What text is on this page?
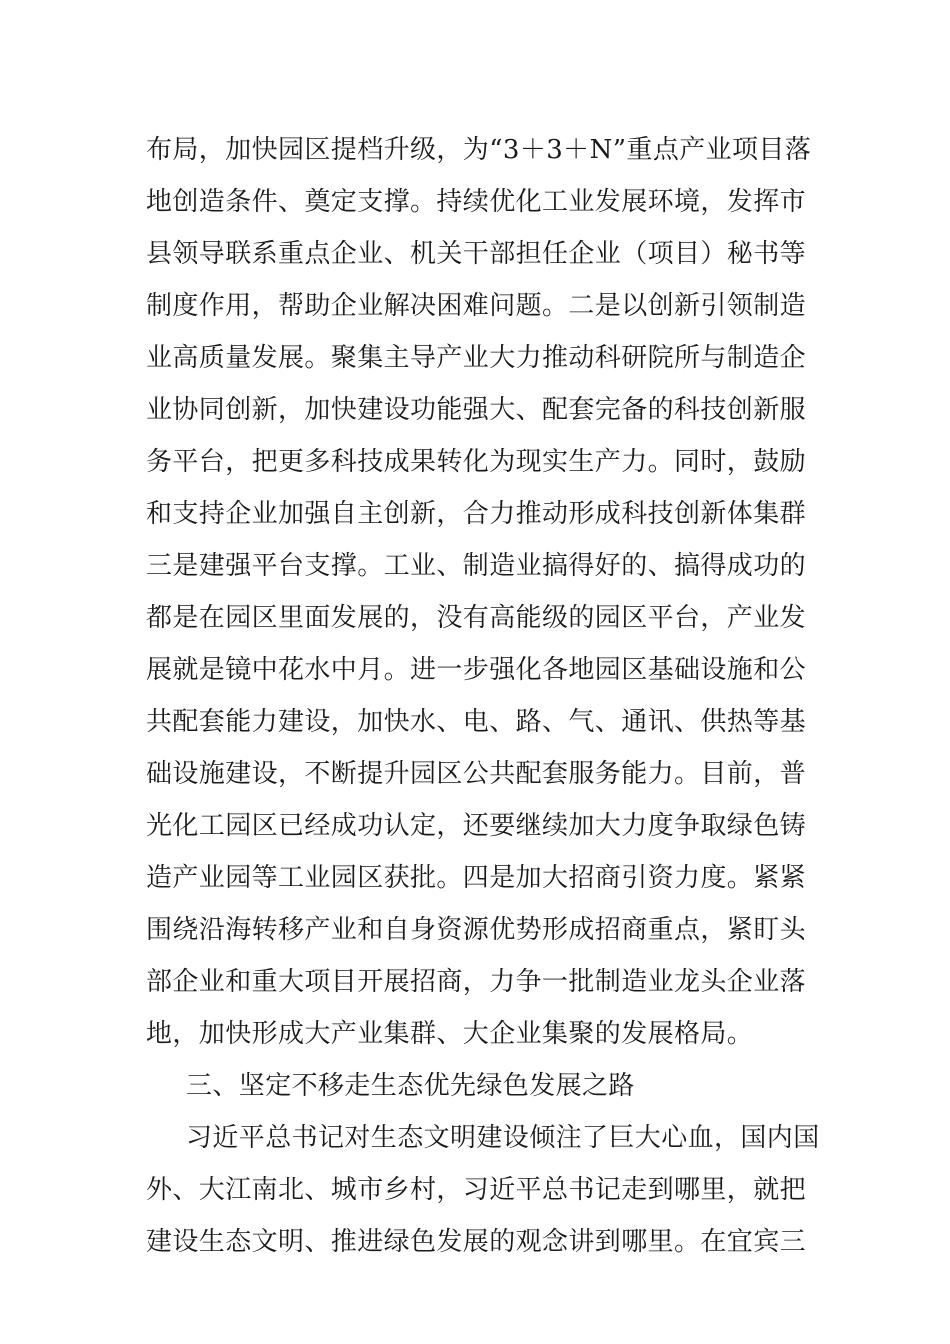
布局，加快园区提档升级，为“3＋3＋N”重点产业项目落
地创造条件、奠定支撑。持续优化工业发展环境，发挥市
县领导联系重点企业、机关干部担任企业（项目）秘书等
制度作用，帮助企业解决困难问题。二是以创新引领制造
业高质量发展。聚集主导产业大力推动科研院所与制造企
业协同创新，加快建设功能强大、配套完备的科技创新服
务平台，把更多科技成果转化为现实生产力。同时，鼓励
和支持企业加强自主创新，合力推动形成科技创新体集群
三是建强平台支撑。工业、制造业搞得好的、搞得成功的
都是在园区里面发展的，没有高能级的园区平台，产业发
展就是镜中花水中月。进一步强化各地园区基础设施和公
共配套能力建设，加快水、电、路、气、通讯、供热等基
础设施建设，不断提升园区公共配套服务能力。目前，普
光化工园区已经成功认定，还要继续加大力度争取绿色铸
造产业园等工业园区获批。四是加大招商引资力度。紧紧
围绕沿海转移产业和自身资源优势形成招商重点，紧盯头
部企业和重大项目开展招商，力争一批制造业龙头企业落
地，加快形成大产业集群、大企业集聚的发展格局。
三、坚定不移走生态优先绿色发展之路
习近平总书记对生态文明建设倾注了巨大心血，国内国
外、大江南北、城市乡村，习近平总书记走到哪里，就把
建设生态文明、推进绿色发展的观念讲到哪里。在宜宾三
